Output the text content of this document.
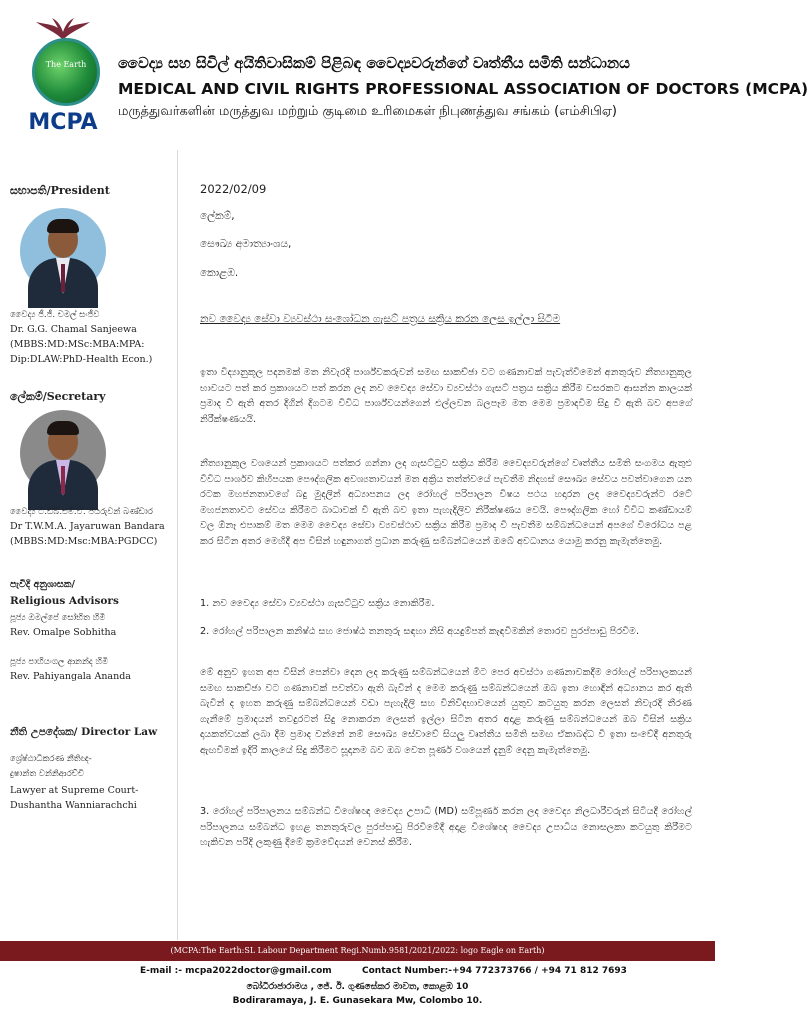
The Earth
MCPA
වෛද්‍ය සහ සිවිල් අයිතිවාසිකම් පිළිබඳ වෛද්‍යවරුන්ගේ වෘත්තීය සමිති සන්ධානය
MEDICAL AND CIVIL RIGHTS PROFESSIONAL ASSOCIATION OF DOCTORS (MCPA)
மருத்துவர்களின் மருத்துவ மற்றும் குடிமை உரிமைகள் நிபுணத்துவ சங்கம் (எம்சிபிஏ)
සභාපති/President
වෛද්‍ය ජී.ජී. චමල් සංජීව
Dr. G.G. Chamal Sanjeewa
(MBBS:MD:MSc:MBA:MPA:
Dip:DLAW:PhD-Health Econ.)
ලේකම්/Secretary
වෛද්‍ය ටී.ඩබ්.එම්.ඒ. ජයරුවන් බණ්ඩාර
Dr T.W.M.A. Jayaruwan Bandara
(MBBS:MD:Msc:MBA:PGDCC)
පැවිදි අනුශාසක/
Religious Advisors
පූජ්‍ය ඔමල්පේ සෝභිත හිමි
Rev. Omalpe Sobhitha
පූජ්‍ය පාහියංගල ආනන්ද හිමි
Rev. Pahiyangala Ananda
නීති උපදේශක/ Director Law
ශ්‍රේෂ්ඨාධිකරණ නීතිඥ-
දුෂාන්ත වන්නිආරච්චි
Lawyer at Supreme Court-
Dushantha Wanniarachchi
2022/02/09
ලේකම්,
සෞඛ්‍ය අමාත්‍යාංශය,
කොළඹ.
නව වෛද්‍ය සේවා ව්‍යවස්ථා සංශෝධන ගැසට් පත්‍රය සක්‍රිය කරන ලෙස ඉල්ලා සිටීම
ඉතා විද්‍යානුකූල පදනමක් මත නිවැරදි පාර්ශ්වකරුවන් සමඟ සාකච්ඡා වට ගණනාවක් පැවැත්වීමෙන් අනතුරුව නීත්‍යානුකූල භාවයට පත් කර ප්‍රකාශයට පත් කරන ලද නව වෛද්‍ය සේවා ව්‍යවස්ථා ගැසට් පත්‍රය සක්‍රිය කිරීම වසරකට ආසන්න කාලයක් ප්‍රමාද වී ඇති අතර දිගින් දිගටම විවිධ පාර්ශ්වයන්ගෙන් එල්ලවන බලපෑම මත මෙම ප්‍රමාදවීම සිදු වී ඇති බව අපගේ නිරීක්ෂණයයි.
නීත්‍යානුකූල වශයෙන් ප්‍රකාශයට පත්කර ගන්නා ලද ගැසට්ටුව සක්‍රිය කිරීම වෛද්‍යවරුන්ගේ වෘත්තීය සමිති සංගමය ඇතුළු විවිධ පාර්ශව කිහිපයක පෞද්ගලික අවශ්‍යතාවයන් මත අක්‍රිය තත්ත්වයේ පැවතීම නිදහස් සෞඛ්‍ය සේවය පවත්වාගෙන යන රටක මහජනතාවගේ බදු මුදලින් අධ්‍යාපනය ලද රෝහල් පරිපාලන විෂය පථය හදාරන ලද වෛද්‍යවරුන්ට රටේ මහජනතාවට සේවය කිරීමට බාධාවක් වී ඇති බව ඉතා පැහැදිලිව නිරීක්ෂණය වෙයි. පෞද්ගලික හෝ විවිධ කණ්ඩායම් වල ඕනෑ එපාකම් මත මෙම වෛද්‍ය සේවා ව්‍යවස්ථාව සක්‍රිය කිරීම ප්‍රමාද වී පැවතීම සම්බන්ධයෙන් අපගේ විරෝධය පළ කර සිටින අතර මෙහිදී අප විසින් හඳුනාගත් ප්‍රධාන කරුණු සම්බන්ධයෙන් ඔබේ අවධානය යොමු කරනු කැමැත්තෙමු.
1. නව වෛද්‍ය සේවා ව්‍යවස්ථා ගැසට්ටුව සක්‍රිය නොකිරීම.
2. රෝහල් පරිපාලන කනිෂ්ඨ සහ ජොෂ්ඨ තනතුරු සඳහා නිසි අයදුම්පත් කැඳවීමකින් තොරව පුරප්පාඩු පිරවීම.
මේ අනුව ඉහත අප විසින් පෙන්වා දෙන ලද කරුණු සම්බන්ධයෙන් මීට පෙර අවස්ථා ගණනාවකදීම රෝහල් පරිපාලකයන් සමඟ සාකච්ඡා වට ගණනාවක් පවත්වා ඇති බැවින් ද මෙම කරුණු සම්බන්ධයෙන් ඔබ ඉතා හොඳින් අධ්‍යානය කර ඇති බැවින් ද ඉහත කරුණු සම්බන්ධයෙන් වඩා පැහැදිලි සහ විනිවිදභාවයෙන් යුතුව කටයුතු කරන ලෙසත් නිවැරදි තීරණ ගැනීමේ ප්‍රමාදයන් තවදුරටත් සිදු නොකරන ලෙසත් ඉල්ලා සිටින අතර අදාළ කරුණු සම්බන්ධයෙන් ඔබ විසින් සක්‍රිය දායකත්වයක් ලබා දීම ප්‍රමාද වන්නේ නම් සෞඛ්‍ය සේවාවේ සියලු වෘත්තීය සමිති සමඟ ඒකාබද්ධ වී ඉතා සංවේදී අනතුරු ඇඟවීමක් ඉදිරි කාලයේ සිදු කිරීමට සූදානම බව ඔබ වෙත පූර්ණ වශයෙන් දැනුම් දෙනු කැමැත්තෙමු.
3. රෝහල් පරිපාලනය සම්බන්ධ විශේෂඥ වෛද්‍ය උපාධි (MD) සම්පූර්ණ කරන ලද වෛද්‍ය නිලධාරීවරුන් සිටියදී රෝහල් පරිපාලනය සම්බන්ධ ඉහළ තනතුරුවල පුරප්පාඩු පිරවීමේදී අදාළ විශේෂඥ වෛද්‍ය උපාධිය නොසලකා කටයුතු කිරීමට හැකිවන පරිදි ලකුණු දීමේ ක්‍රමවේදයන් වෙනස් කිරීම.
(MCPA:The Earth:SL Labour Department Regi.Numb.9581/2021/2022: logo Eagle on Earth)
E-mail :- mcpa2022doctor@gmail.com	Contact Number:-+94 772373766 / +94 71 812 7693
බෝධිරාජාරාමය , ජේ. ඊ. ගුණසේකර මාවත, කොළඹ 10
Bodiraramaya, J. E. Gunasekara Mw, Colombo 10.
